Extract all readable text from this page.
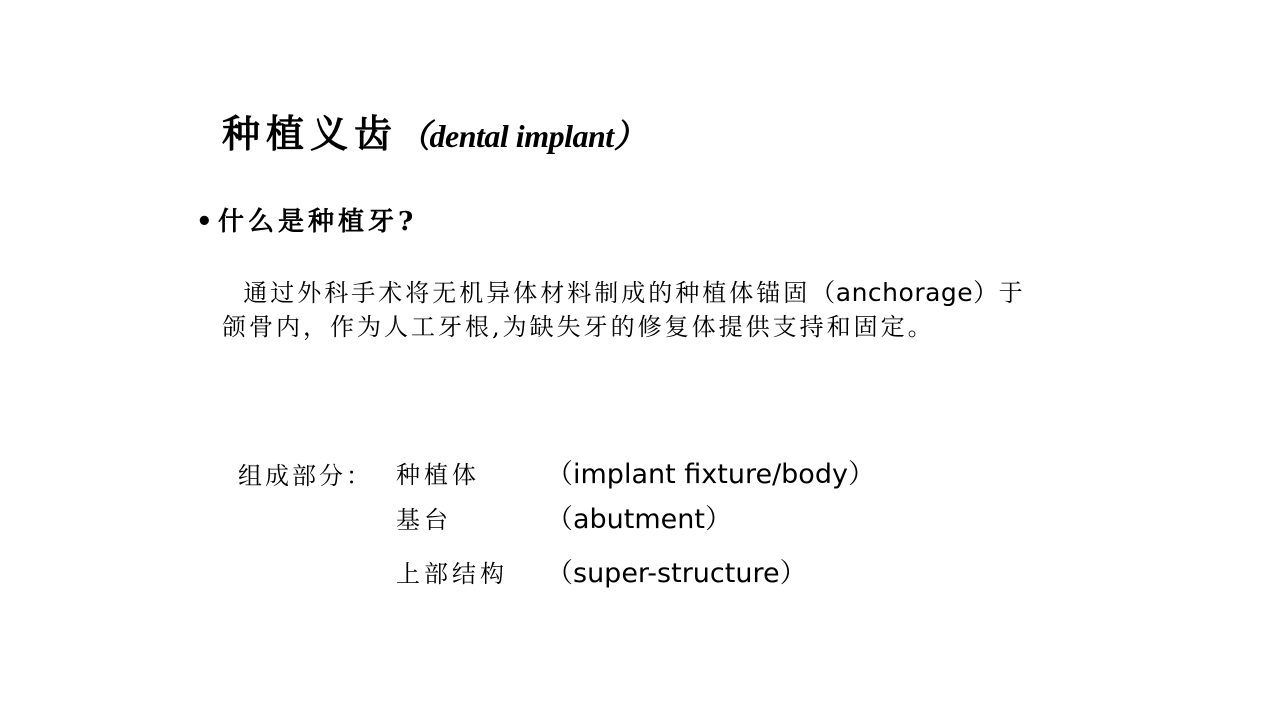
种植义齿（dental implant）
• 什么是种植牙?
通过外科手术将无机异体材料制成的种植体锚固（anchorage）于颌骨内，作为人工牙根,为缺失牙的修复体提供支持和固定。
组成部分： 种植体 （implant fixture/body）
基台	（abutment）
上部结构 （super-structure）
